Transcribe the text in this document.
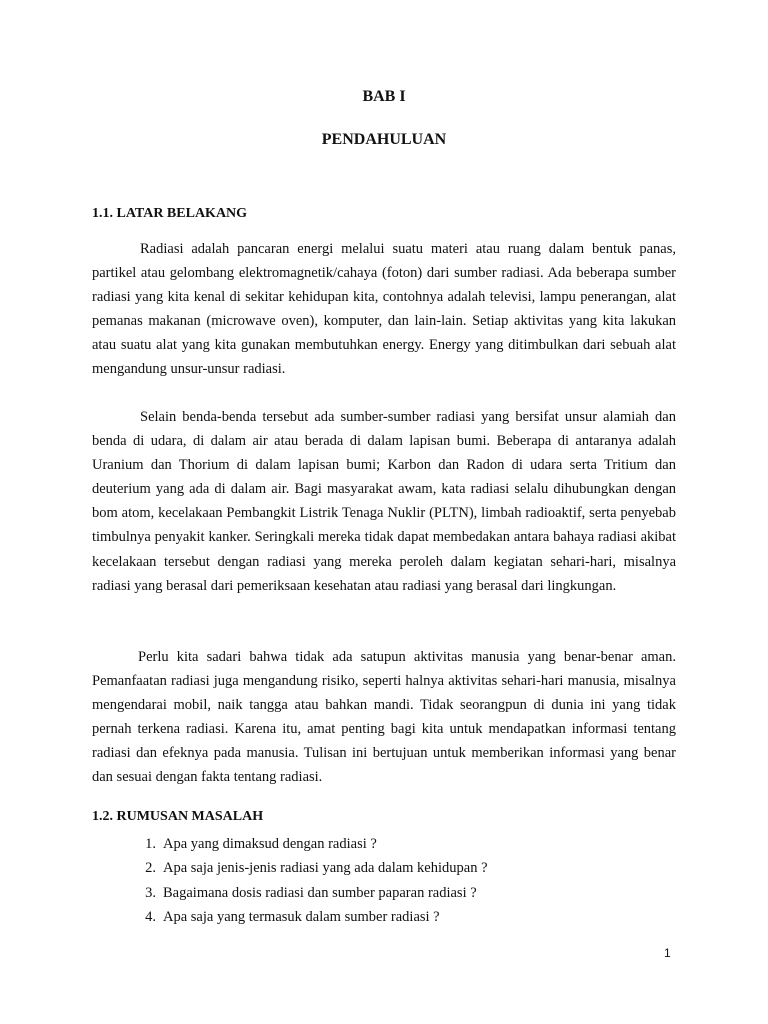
BAB I
PENDAHULUAN
1.1. LATAR BELAKANG

Radiasi adalah pancaran energi melalui suatu materi atau ruang dalam bentuk panas, partikel atau gelombang elektromagnetik/cahaya (foton) dari sumber radiasi. Ada beberapa sumber radiasi yang kita kenal di sekitar kehidupan kita, contohnya adalah televisi, lampu penerangan, alat pemanas makanan (microwave oven), komputer, dan lain-lain. Setiap aktivitas yang kita lakukan atau suatu alat yang kita gunakan membutuhkan energy. Energy yang ditimbulkan dari sebuah alat mengandung unsur-unsur radiasi.

Selain benda-benda tersebut ada sumber-sumber radiasi yang bersifat unsur alamiah dan benda di udara, di dalam air atau berada di dalam lapisan bumi. Beberapa di antaranya adalah Uranium dan Thorium di dalam lapisan bumi; Karbon dan Radon di udara serta Tritium dan deuterium yang ada di dalam air. Bagi masyarakat awam, kata radiasi selalu dihubungkan dengan bom atom, kecelakaan Pembangkit Listrik Tenaga Nuklir (PLTN), limbah radioaktif, serta penyebab timbulnya penyakit kanker. Seringkali mereka tidak dapat membedakan antara bahaya radiasi akibat kecelakaan tersebut dengan radiasi yang mereka peroleh dalam kegiatan sehari-hari, misalnya radiasi yang berasal dari pemeriksaan kesehatan atau radiasi yang berasal dari lingkungan.

Perlu kita sadari bahwa tidak ada satupun aktivitas manusia yang benar-benar aman. Pemanfaatan radiasi juga mengandung risiko, seperti halnya aktivitas sehari-hari manusia, misalnya mengendarai mobil, naik tangga atau bahkan mandi. Tidak seorangpun di dunia ini yang tidak pernah terkena radiasi. Karena itu, amat penting bagi kita untuk mendapatkan informasi tentang radiasi dan efeknya pada manusia. Tulisan ini bertujuan untuk memberikan informasi yang benar dan sesuai dengan fakta tentang radiasi.

1.2. RUMUSAN MASALAH
1. Apa yang dimaksud dengan radiasi ?
2. Apa saja jenis-jenis radiasi yang ada dalam kehidupan ?
3. Bagaimana dosis radiasi dan sumber paparan radiasi ?
4. Apa saja yang termasuk dalam sumber radiasi ?
1
